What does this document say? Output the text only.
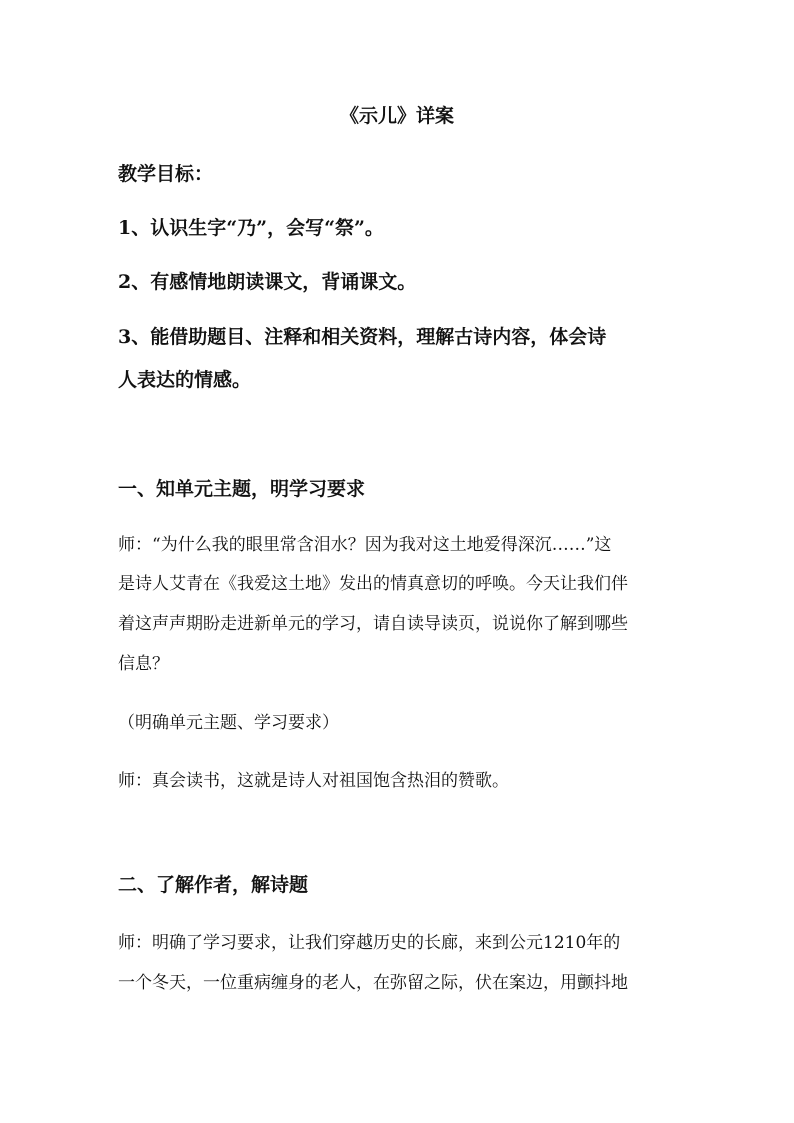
《示儿》详案
教学目标：
1、认识生字“乃”，会写“祭”。
2、有感情地朗读课文，背诵课文。
3、能借助题目、注释和相关资料，理解古诗内容，体会诗
人表达的情感。
一、知单元主题，明学习要求
师：“为什么我的眼里常含泪水？因为我对这土地爱得深沉……”这
是诗人艾青在《我爱这土地》发出的情真意切的呼唤。今天让我们伴
着这声声期盼走进新单元的学习，请自读导读页，说说你了解到哪些
信息？
（明确单元主题、学习要求）
师：真会读书，这就是诗人对祖国饱含热泪的赞歌。
二、了解作者，解诗题
师：明确了学习要求，让我们穿越历史的长廊，来到公元1210年的
一个冬天，一位重病缠身的老人，在弥留之际，伏在案边，用颤抖地
